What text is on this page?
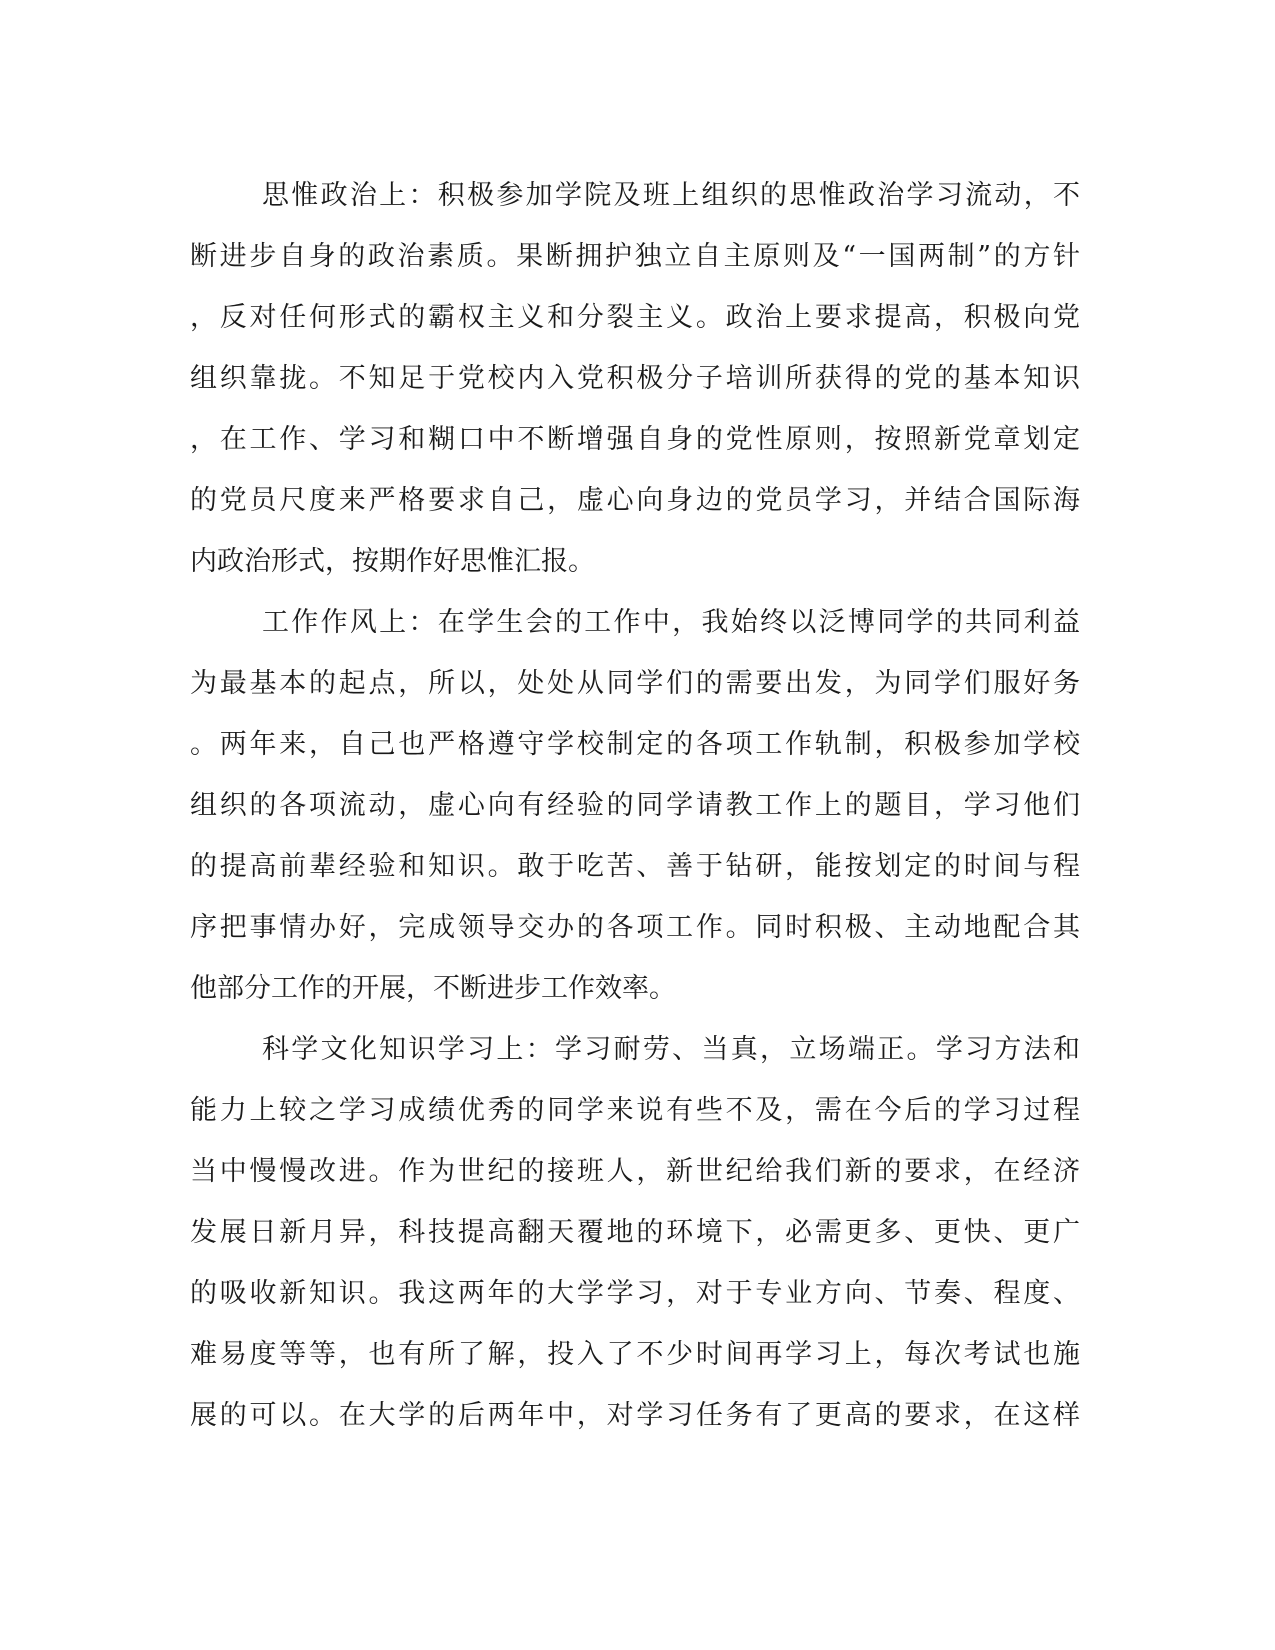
思惟政治上：积极参加学院及班上组织的思惟政治学习流动，不
断进步自身的政治素质。果断拥护独立自主原则及“一国两制”的方针
，反对任何形式的霸权主义和分裂主义。政治上要求提高，积极向党
组织靠拢。不知足于党校内入党积极分子培训所获得的党的基本知识
，在工作、学习和糊口中不断增强自身的党性原则，按照新党章划定
的党员尺度来严格要求自己，虚心向身边的党员学习，并结合国际海
内政治形式，按期作好思惟汇报。
工作作风上：在学生会的工作中，我始终以泛博同学的共同利益
为最基本的起点，所以，处处从同学们的需要出发，为同学们服好务
。两年来，自己也严格遵守学校制定的各项工作轨制，积极参加学校
组织的各项流动，虚心向有经验的同学请教工作上的题目，学习他们
的提高前辈经验和知识。敢于吃苦、善于钻研，能按划定的时间与程
序把事情办好，完成领导交办的各项工作。同时积极、主动地配合其
他部分工作的开展，不断进步工作效率。
科学文化知识学习上：学习耐劳、当真，立场端正。学习方法和
能力上较之学习成绩优秀的同学来说有些不及，需在今后的学习过程
当中慢慢改进。作为世纪的接班人，新世纪给我们新的要求，在经济
发展日新月异，科技提高翻天覆地的环境下，必需更多、更快、更广
的吸收新知识。我这两年的大学学习，对于专业方向、节奏、程度、
难易度等等，也有所了解，投入了不少时间再学习上，每次考试也施
展的可以。在大学的后两年中，对学习任务有了更高的要求，在这样
